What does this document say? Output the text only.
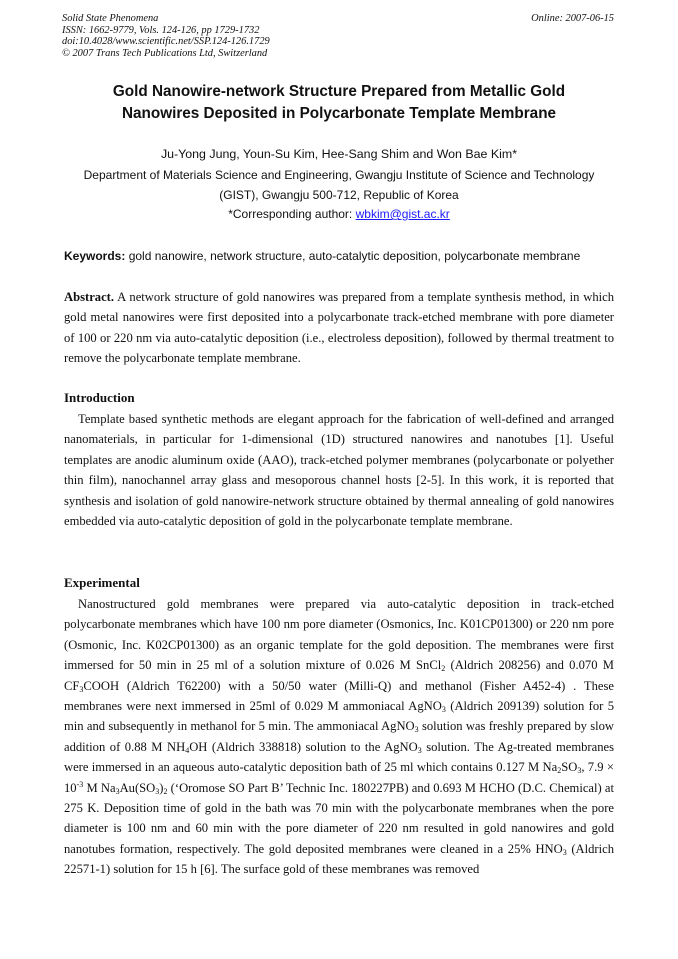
Solid State Phenomena
ISSN: 1662-9779, Vols. 124-126, pp 1729-1732
doi:10.4028/www.scientific.net/SSP.124-126.1729
© 2007 Trans Tech Publications Ltd, Switzerland
Online: 2007-06-15
Gold Nanowire-network Structure Prepared from Metallic Gold
Nanowires Deposited in Polycarbonate Template Membrane
Ju-Yong Jung, Youn-Su Kim, Hee-Sang Shim and Won Bae Kim*
Department of Materials Science and Engineering, Gwangju Institute of Science and Technology
(GIST), Gwangju 500-712, Republic of Korea
*Corresponding author: wbkim@gist.ac.kr
Keywords: gold nanowire, network structure, auto-catalytic deposition, polycarbonate membrane
Abstract. A network structure of gold nanowires was prepared from a template synthesis method, in which gold metal nanowires were first deposited into a polycarbonate track-etched membrane with pore diameter of 100 or 220 nm via auto-catalytic deposition (i.e., electroless deposition), followed by thermal treatment to remove the polycarbonate template membrane.
Introduction
Template based synthetic methods are elegant approach for the fabrication of well-defined and arranged nanomaterials, in particular for 1-dimensional (1D) structured nanowires and nanotubes [1]. Useful templates are anodic aluminum oxide (AAO), track-etched polymer membranes (polycarbonate or polyether thin film), nanochannel array glass and mesoporous channel hosts [2-5]. In this work, it is reported that synthesis and isolation of gold nanowire-network structure obtained by thermal annealing of gold nanowires embedded via auto-catalytic deposition of gold in the polycarbonate template membrane.
Experimental
Nanostructured gold membranes were prepared via auto-catalytic deposition in track-etched polycarbonate membranes which have 100 nm pore diameter (Osmonics, Inc. K01CP01300) or 220 nm pore (Osmonic, Inc. K02CP01300) as an organic template for the gold deposition. The membranes were first immersed for 50 min in 25 ml of a solution mixture of 0.026 M SnCl$_2$ (Aldrich 208256) and 0.070 M $CF_3COOH$ (Aldrich T62200) with a 50/50 water (Milli-Q) and methanol (Fisher A452-4) . These membranes were next immersed in 25ml of 0.029 M ammoniacal AgNO$_3$ (Aldrich 209139) solution for 5 min and subsequently in methanol for 5 min. The ammoniacal AgNO$_3$ solution was freshly prepared by slow addition of 0.88 M $NH_4OH$ (Aldrich 338818) solution to the AgNO$_3$ solution. The Ag-treated membranes were immersed in an aqueous auto-catalytic deposition bath of 25 ml which contains 0.127 M $Na_2SO_3$, $7.9 \times 10^{-3}$ M $Na_3Au(SO_3)_2$ (‘Oromose SO Part B’ Technic Inc. 180227PB) and 0.693 M HCHO (D.C. Chemical) at 275 K. Deposition time of gold in the bath was 70 min with the polycarbonate membranes when the pore diameter is 100 nm and 60 min with the pore diameter of 220 nm resulted in gold nanowires and gold nanotubes formation, respectively. The gold deposited membranes were cleaned in a 25% $HNO_3$ (Aldrich 22571-1) solution for 15 h [6]. The surface gold of these membranes was removed
